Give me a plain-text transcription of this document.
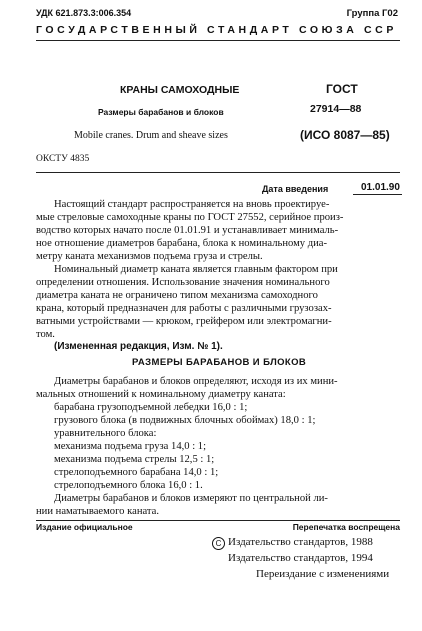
УДК 621.873.3:006.354	Группа Г02
ГОСУДАРСТВЕННЫЙ СТАНДАРТ СОЮЗА ССР
КРАНЫ САМОХОДНЫЕ
Размеры барабанов и блоков
Mobile cranes. Drum and sheave sizes
ГОСТ
27914—88
(ИСО 8087—85)
ОКСТУ 4835
Дата введения	01.01.90
Настоящий стандарт распространяется на вновь проектируе-
мые стреловые самоходные краны по ГОСТ 27552, серийное произ-
водство которых начато после 01.01.91 и устанавливает минималь-
ное отношение диаметров барабана, блока к номинальному диа-
метру каната механизмов подъема груза и стрелы.
Номинальный диаметр каната является главным фактором при
определении отношения. Использование значения номинального
диаметра каната не ограничено типом механизма самоходного
крана, который предназначен для работы с различными грузозах-
ватными устройствами — крюком, грейфером или электромагни-
том.
(Измененная редакция, Изм. № 1).
РАЗМЕРЫ БАРАБАНОВ И БЛОКОВ
Диаметры барабанов и блоков определяют, исходя из их мини-
мальных отношений к номинальному диаметру каната:
барабана грузоподъемной лебедки 16,0 : 1;
грузового блока (в подвижных блочных обоймах) 18,0 : 1;
уравнительного блока:
механизма подъема груза 14,0 : 1;
механизма подъема стрелы 12,5 : 1;
стрелоподъемного барабана 14,0 : 1;
стрелоподъемного блока 16,0 : 1.
Диаметры барабанов и блоков измеряют по центральной ли-
нии наматываемого каната.
Издание официальное	Перепечатка воспрещена
C Издательство стандартов, 1988
Издательство стандартов, 1994
Переиздание с изменениями
